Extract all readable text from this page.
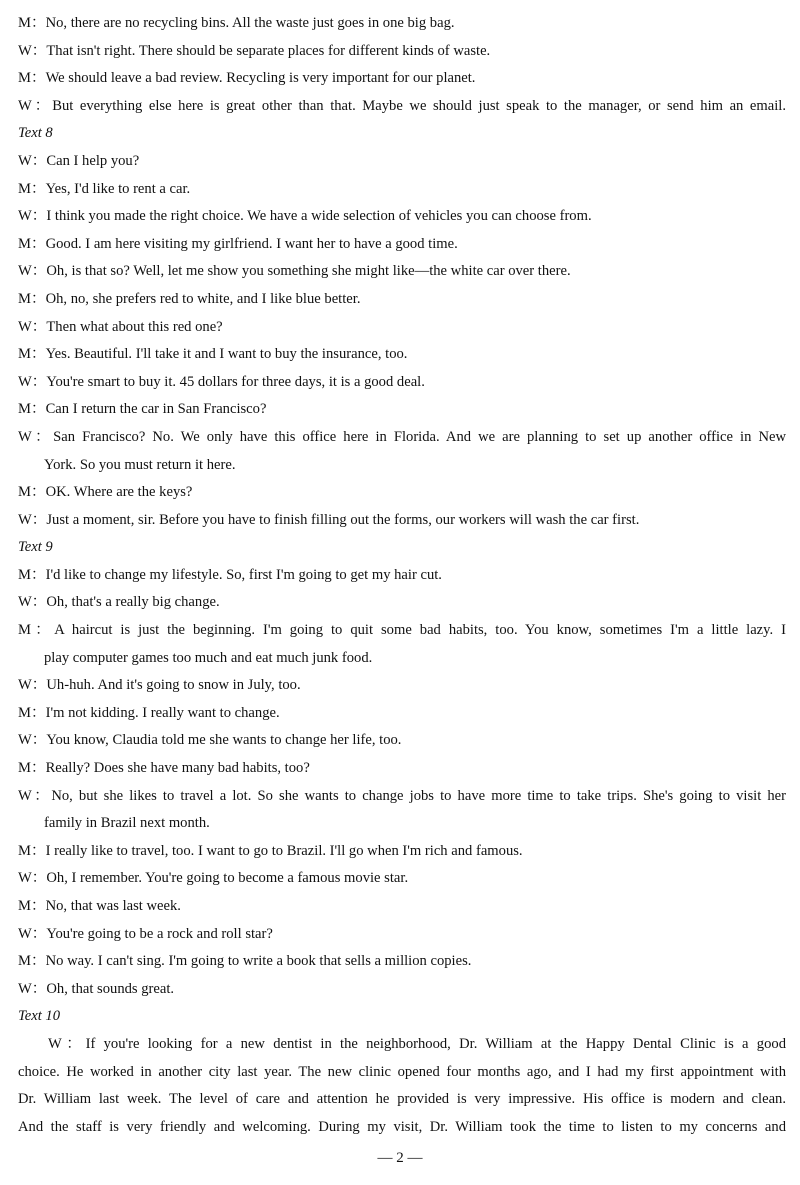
M：No, there are no recycling bins. All the waste just goes in one big bag.
W：That isn't right. There should be separate places for different kinds of waste.
M：We should leave a bad review. Recycling is very important for our planet.
W：But everything else here is great other than that. Maybe we should just speak to the manager, or send him an email.
Text 8
W：Can I help you?
M：Yes, I'd like to rent a car.
W：I think you made the right choice. We have a wide selection of vehicles you can choose from.
M：Good. I am here visiting my girlfriend. I want her to have a good time.
W：Oh, is that so? Well, let me show you something she might like—the white car over there.
M：Oh, no, she prefers red to white, and I like blue better.
W：Then what about this red one?
M：Yes. Beautiful. I'll take it and I want to buy the insurance, too.
W：You're smart to buy it. 45 dollars for three days, it is a good deal.
M：Can I return the car in San Francisco?
W：San Francisco? No. We only have this office here in Florida. And we are planning to set up another office in New
York. So you must return it here.
M：OK. Where are the keys?
W：Just a moment, sir. Before you have to finish filling out the forms, our workers will wash the car first.
Text 9
M：I'd like to change my lifestyle. So, first I'm going to get my hair cut.
W：Oh, that's a really big change.
M：A haircut is just the beginning. I'm going to quit some bad habits, too. You know, sometimes I'm a little lazy. I
play computer games too much and eat much junk food.
W：Uh-huh. And it's going to snow in July, too.
M：I'm not kidding. I really want to change.
W：You know, Claudia told me she wants to change her life, too.
M：Really? Does she have many bad habits, too?
W：No, but she likes to travel a lot. So she wants to change jobs to have more time to take trips. She's going to visit her
family in Brazil next month.
M：I really like to travel, too. I want to go to Brazil. I'll go when I'm rich and famous.
W：Oh, I remember. You're going to become a famous movie star.
M：No, that was last week.
W：You're going to be a rock and roll star?
M：No way. I can't sing. I'm going to write a book that sells a million copies.
W：Oh, that sounds great.
Text 10
W：If you're looking for a new dentist in the neighborhood, Dr. William at the Happy Dental Clinic is a good
choice. He worked in another city last year. The new clinic opened four months ago, and I had my first appointment with
Dr. William last week. The level of care and attention he provided is very impressive. His office is modern and clean.
And the staff is very friendly and welcoming. During my visit, Dr. William took the time to listen to my concerns and
— 2 —
